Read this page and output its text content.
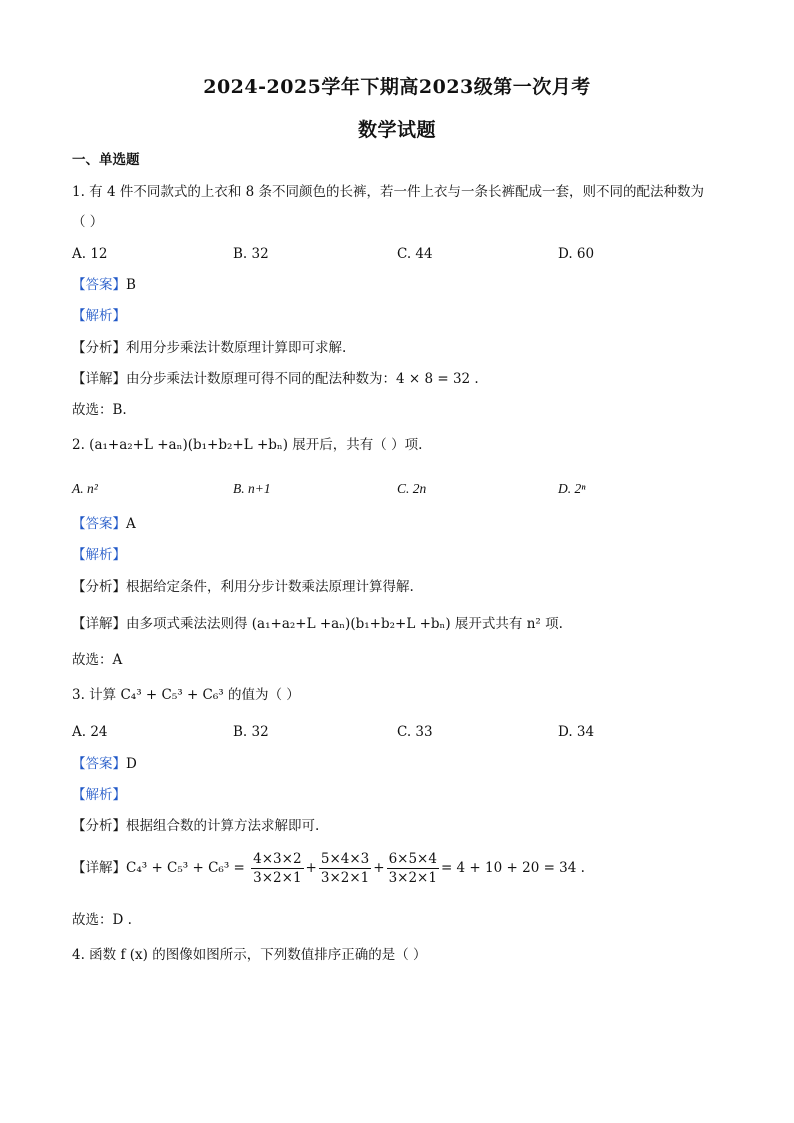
2024-2025学年下期高2023级第一次月考
数学试题
一、单选题
1. 有 4 件不同款式的上衣和 8 条不同颜色的长裤，若一件上衣与一条长裤配成一套，则不同的配法种数为
（ ）
A. 12	B. 32	C. 44	D. 60
【答案】B
【解析】
【分析】利用分步乘法计数原理计算即可求解.
【详解】由分步乘法计数原理可得不同的配法种数为：4 × 8 = 32 .
故选：B.
2. (a₁+a₂+L +aₙ)(b₁+b₂+L +bₙ) 展开后，共有（ ）项.
A. n²	B. n+1	C. 2n	D. 2ⁿ
【答案】A
【解析】
【分析】根据给定条件，利用分步计数乘法原理计算得解.
【详解】由多项式乘法法则得 (a₁+a₂+L +aₙ)(b₁+b₂+L +bₙ) 展开式共有 n² 项.
故选：A
3. 计算 C₄³ + C₅³ + C₆³ 的值为（ ）
A. 24	B. 32	C. 33	D. 34
【答案】D
【解析】
【分析】根据组合数的计算方法求解即可.
【详解】$C_4^3 + C_5^3 + C_6^3 = \frac{4\times 3\times 2}{3\times 2\times 1} + \frac{5\times 4\times 3}{3\times 2\times 1} + \frac{6\times 5\times 4}{3\times 2\times 1} = 4 + 10 + 20 = 34$ .
故选：D .
4. 函数 f (x) 的图像如图所示，下列数值排序正确的是（ ）
